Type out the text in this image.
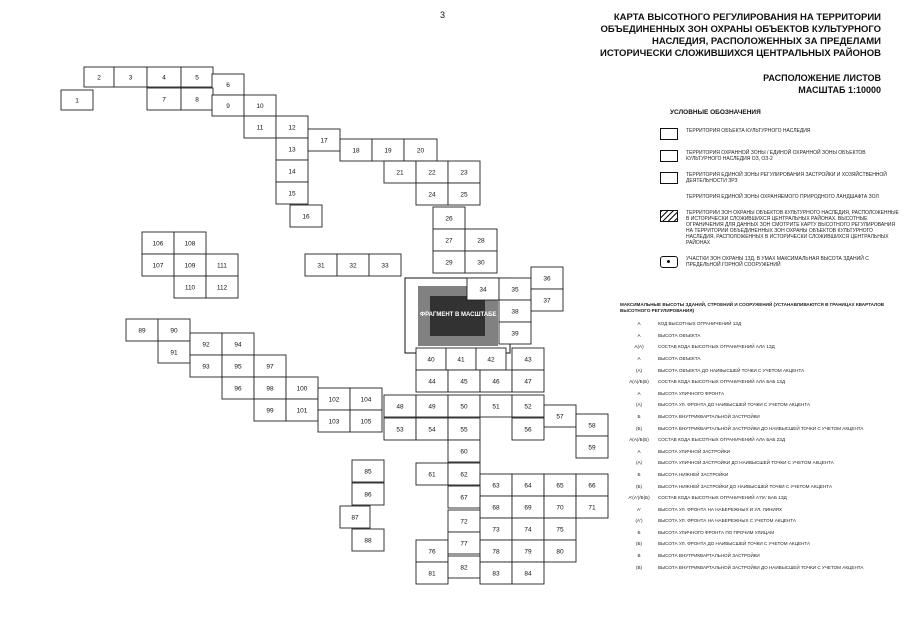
3	КАРТА ВЫСОТНОГО РЕГУЛИРОВАНИЯ НА ТЕРРИТОРИИ
ОБЪЕДИНЕННЫХ ЗОН ОХРАНЫ ОБЪЕКТОВ КУЛЬТУРНОГО
НАСЛЕДИЯ, РАСПОЛОЖЕННЫХ ЗА ПРЕДЕЛАМИ
ИСТОРИЧЕСКИ СЛОЖИВШИХСЯ ЦЕНТРАЛЬНЫХ РАЙОНОВ
РАСПОЛОЖЕНИЕ ЛИСТОВ
МАСШТАБ 1:10000
ФРАГМЕНТ В МАСШТАБЕ
1
2	3	4	5
6
7	8
9	10
11	12
13
14
15
16
17
18	19	20
21	22	23
24	25
26
27	28
29	30
31	32	33
34	35
36
37
38
39
40	41	42	43
44	45	46	47
48	49	50	51	52
53	54	55	56
57
58
59
60
61	62
63	64	65	66
67
68	69	70	71
72
73	74	75
76
77
78	79	80
81
82
83	84
85
86
87
88
89	90
91
92
93
94
95
96
97
98
99
100
101
102
103
104
105
106
107
108
109
110
111
112
УСЛОВНЫЕ ОБОЗНАЧЕНИЯ
ТЕРРИТОРИЯ ОБЪЕКТА КУЛЬТУРНОГО НАСЛЕДИЯ
ТЕРРИТОРИЯ ОХРАННОЙ ЗОНЫ / ЕДИНОЙ ОХРАННОЙ ЗОНЫ ОБЪЕКТОВ КУЛЬТУРНОГО НАСЛЕДИЯ ОЗ, ОЗ-2
ТЕРРИТОРИЯ ЕДИНОЙ ЗОНЫ РЕГУЛИРОВАНИЯ ЗАСТРОЙКИ И ХОЗЯЙСТВЕННОЙ ДЕЯТЕЛЬНОСТИ ЗРЗ
ТЕРРИТОРИЯ ЕДИНОЙ ЗОНЫ ОХРАНЯЕМОГО ПРИРОДНОГО ЛАНДШАФТА ЗОЛ
ТЕРРИТОРИИ ЗОН ОХРАНЫ ОБЪЕКТОВ КУЛЬТУРНОГО НАСЛЕДИЯ, РАСПОЛОЖЕННЫЕ В ИСТОРИЧЕСКИ СЛОЖИВШИХСЯ ЦЕНТРАЛЬНЫХ РАЙОНАХ. ВЫСОТНЫЕ ОГРАНИЧЕНИЯ ДЛЯ ДАННЫХ ЗОН СМОТРИТЕ КАРТУ ВЫСОТНОГО РЕГУЛИРОВАНИЯ НА ТЕРРИТОРИИ ОБЪЕДИНЕННЫХ ЗОН ОХРАНЫ ОБЪЕКТОВ КУЛЬТУРНОГО НАСЛЕДИЯ, РАСПОЛОЖЕННЫХ В ИСТОРИЧЕСКИ СЛОЖИВШИХСЯ ЦЕНТРАЛЬНЫХ РАЙОНАХ
УЧАСТКИ ЗОН ОХРАНЫ 1ЗД, В УМАХ МАКСИМАЛЬНАЯ ВЫСОТА ЗДАНИЙ С ПРЕДЕЛЬНОЙ ГОРНОЙ СООРУЖЕНИЙ
МАКСИМАЛЬНЫЕ ВЫСОТЫ ЗДАНИЙ, СТРОЕНИЙ И СООРУЖЕНИЙ (УСТАНАВЛИВАЮТСЯ В ГРАНИЦАХ КВАРТАЛОВ ВЫСОТНОГО РЕГУЛИРОВАНИЯ)
А	КОД ВЫСОТНЫХ ОГРАНИЧЕНИЙ 1ЗД
А	ВЫСОТА ОБЪЕКТА
А(А)	СОСТАВ КОДА ВЫСОТНЫХ ОГРАНИЧЕНИЙ АЛА 1ЗД
А	ВЫСОТА ОБЪЕКТА
(А)	ВЫСОТА ОБЪЕКТА ДО НАИВЫСШЕЙ ТОЧКИ С УЧЕТОМ АКЦЕНТА
А(А)/Б(Б)	СОСТАВ КОДА ВЫСОТНЫХ ОГРАНИЧЕНИЙ АЛА БАБ 1ЗД
А	ВЫСОТА УЛИЧНОГО ФРОНТА
(А)	ВЫСОТА УЛ. ФРОНТА ДО НАИВЫСШЕЙ ТОЧКИ С УЧЕТОМ АКЦЕНТА
Б	ВЫСОТА ВНУТРИКВАРТАЛЬНОЙ ЗАСТРОЙКИ
(Б)	ВЫСОТА ВНУТРИКВАРТАЛЬНОЙ ЗАСТРОЙКИ ДО НАИВЫСШЕЙ ТОЧКИ С УЧЕТОМ АКЦЕНТА
А(А)/Б(Б)	СОСТАВ КОДА ВЫСОТНЫХ ОГРАНИЧЕНИЙ АЛА БАБ 2ЗД
А	ВЫСОТА УЛИЧНОЙ ЗАСТРОЙКИ
(А)	ВЫСОТА УЛИЧНОЙ ЗАСТРОЙКИ ДО НАИВЫСШЕЙ ТОЧКИ С УЧЕТОМ АКЦЕНТА
Б	ВЫСОТА НИЖНЕЙ ЗАСТРОЙКИ
(Б)	ВЫСОТА НИЖНЕЙ ЗАСТРОЙКИ ДО НАИВЫСШЕЙ ТОЧКИ С УЧЕТОМ АКЦЕНТА
А'(А')/Б(Б)	СОСТАВ КОДА ВЫСОТНЫХ ОГРАНИЧЕНИЙ А'ЛА' БАБ 1ЗД
А'	ВЫСОТА УЛ. ФРОНТА НА НАБЕРЕЖНЫХ И УЛ. ЛИНИЯХ
(А')	ВЫСОТА УЛ. ФРОНТА НА НАБЕРЕЖНЫХ С УЧЕТОМ АКЦЕНТА
Б	ВЫСОТА УЛИЧНОГО ФРОНТА ПО ПРОЧИМ УЛИЦАМ
(Б)	ВЫСОТА УЛ. ФРОНТА ДО НАИВЫСШЕЙ ТОЧКИ С УЧЕТОМ АКЦЕНТА
В	ВЫСОТА ВНУТРИКВАРТАЛЬНОЙ ЗАСТРОЙКИ
(В)	ВЫСОТА ВНУТРИКВАРТАЛЬНОЙ ЗАСТРОЙКИ ДО НАИВЫСШЕЙ ТОЧКИ С УЧЕТОМ АКЦЕНТА
